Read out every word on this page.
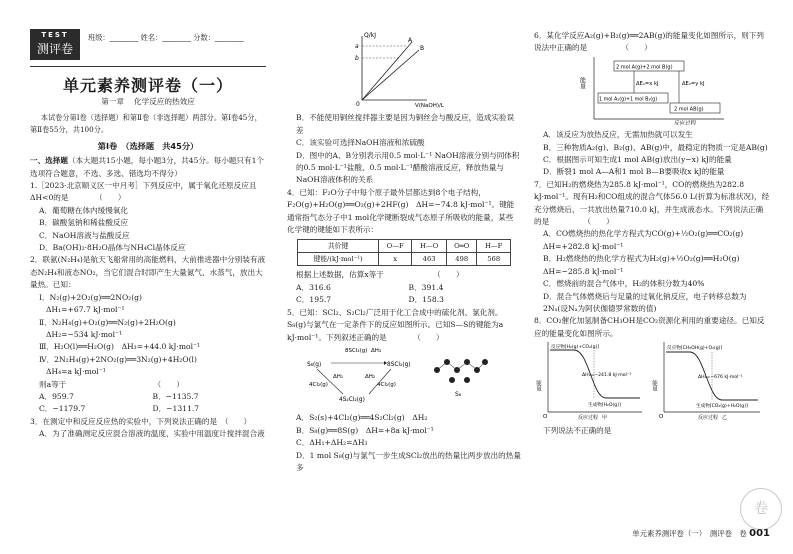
TEST
测评卷
班级：________ 姓名：________ 分数：________
单元素养测评卷（一）
第一章 化学反应的热效应

本试卷分第Ⅰ卷（选择题）和第Ⅱ卷（非选择题）两部分。第Ⅰ卷45分，第Ⅱ卷55分，共100分。

第Ⅰ卷　（选择题　共45分）

一、选择题（本大题共15小题，每小题3分，共45分。每小题只有1个选项符合题意，不选、多选、错选均不得分）

1.［2023·北京顺义区一中月考］下列反应中，属于氧化还原反应且ΔH<0的是　　　　（　　）

A．葡萄糖在体内缓慢氧化

B．碳酸氢钠和稀盐酸反应

C．NaOH溶液与盐酸反应

D．Ba(OH)₂·8H₂O晶体与NH₄Cl晶体反应

2．联氨(N₂H₄)是航天飞船常用的高能燃料，大前推进器中分别装有液态N₂H₄和液态NO₂，当它们混合时即产生大量氮气、水蒸气，放出大量热。已知：

Ⅰ．N₂(g)+2O₂(g)══2NO₂(g)

ΔH₁=+67.7 kJ·mol⁻¹

Ⅱ．N₂H₄(g)+O₂(g)══N₂(g)+2H₂O(g)

ΔH₂=−534 kJ·mol⁻¹

Ⅲ．H₂O(l)══H₂O(g)　ΔH₃=+44.0 kJ·mol⁻¹

Ⅳ．2N₂H₄(g)+2NO₂(g)══3N₂(g)+4H₂O(l)

ΔH₄=a kJ·mol⁻¹

则a等于　　　　　　　　　　　　（　　）

A．959.7	B．−1135.7
C．−1179.7	D．−1311.7

3．在测定中和反应反应热的实验中，下列说法正确的是　（　　）

A．为了准确测定反应混合溶液的温度，实验中用温度计搅拌混合液

Q/kJ
V(NaOH)/L
a
b
0
A
B

B．不能使用铜丝搅拌器主要是因为铜丝会与酸反应，造成实验误差

C．该实验可选择NaOH溶液和浓硫酸

D．图中的A、B分别表示用0.5 mol·L⁻¹ NaOH溶液分别与同体积的0.5 mol·L⁻¹盐酸、0.5 mol·L⁻¹醋酸溶液反应，释放热量与NaOH溶液体积的关系

4．已知：F₂O分子中每个原子最外层都达到8个电子结构，F₂O(g)+H₂O(g)══O₂(g)+2HF(g)　ΔH=−74.8 kJ·mol⁻¹。键能通常指气态分子中1 mol化学键断裂成气态原子所吸收的能量，某些化学键的键能如下表所示：

共价键	O—F	H—O	O═O	H—F
键能/(kJ·mol⁻¹)	x	463	498	568

根据上述数据，估算x等于　　　　　　　（　　）

A．316.6	B．391.4
C．195.7	D．158.3

5．已知：SCl₂、S₂Cl₂广泛用于化工合成中的硫化剂、氯化剂。S₈(g)与氯气在一定条件下的反应如图所示。已知S—S的键能为a kJ·mol⁻¹。下列叙述正确的是　　　　（　　）

8SCl₂(g) ΔH₃
S₈(g)	8SCl₂(g)
4Cl₂(g)	4Cl₂(g)
ΔH₁	ΔH₂
4S₂Cl₂(g)
S₈

A．S₂(s)+4Cl₂(g)══4S₂Cl₂(g)　ΔH₂

B．S₈(g)══8S(g)　ΔH=+8a kJ·mol⁻¹

C．ΔH₁+ΔH₂=ΔH₃

D．1 mol S₈(g)与氯气一步生成SCl₂放出的热量比两步放出的热量多

6．某化学反应A₂(g)+B₂(g)══2AB(g)的能量变化如图所示，则下列说法中正确的是　　　　　（　　）

能量
反应过程
2 mol A(g)+2 mol B(g)
ΔE₁=x kJ	ΔE₂=y kJ
1 mol A₂(g)+1 mol B₂(g)
2 mol AB(g)

A．该反应为放热反应，无需加热就可以发生

B．三种物质A₂(g)、B₂(g)、AB(g)中，最稳定的物质一定是AB(g)

C．根据图示可知生成1 mol AB(g)放出(y−x) kJ的能量

D．断裂1 mol A—A和1 mol B—B要吸收x kJ的能量

7．已知H₂的燃烧热为285.8 kJ·mol⁻¹，CO的燃烧热为282.8 kJ·mol⁻¹。现有H₂和CO组成的混合气体56.0 L(折算为标准状况)，经充分燃烧后，一共放出热量710.0 kJ，并生成液态水。下列说法正确的是　　　　　（　　）

A．CO燃烧热的热化学方程式为CO(g)+½O₂(g)══CO₂(g)　ΔH=+282.8 kJ·mol⁻¹

B．H₂燃烧热的热化学方程式为H₂(g)+½O₂(g)══H₂O(g)　ΔH=−285.8 kJ·mol⁻¹

C．燃烧前的混合气体中，H₂的体积分数为40%

D．混合气体燃烧后与足量的过氧化钠反应，电子转移总数为2Nₐ(设Nₐ为阿伏伽德罗常数的值)

8．CO₂催化加氢制备CH₃OH是CO₂资源化利用的重要途径。已知反应的能量变化如图所示。

能量
O
反应物[H₂(g)+CO₂(g)]
ΔH₁=−241.8 kJ·mol⁻¹
生成物[H₂O(g)]
反应过程 甲
能量
O
反应物[CH₃OH(g)+O₂(g)]
ΔH₂=−676 kJ·mol⁻¹
生成物[CO₂(g)+H₂O(g)]
反应过程 乙

下列说法不正确的是

卷
单元素养测评卷（一）　测评卷　卷 001
